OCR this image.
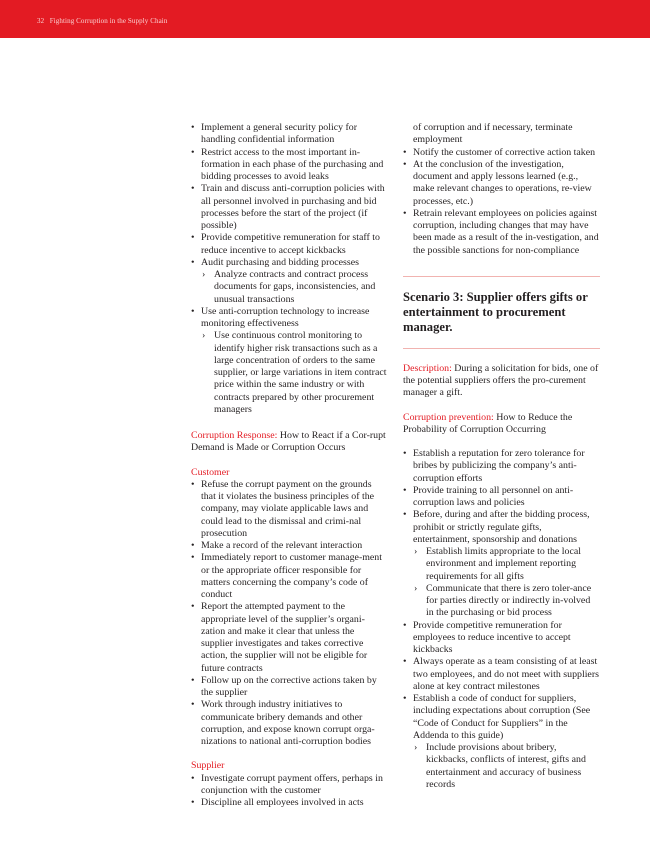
32 Fighting Corruption in the Supply Chain
• Implement a general security policy for handling confidential information
• Restrict access to the most important in-formation in each phase of the purchasing and bidding processes to avoid leaks
• Train and discuss anti-corruption policies with all personnel involved in purchasing and bid processes before the start of the project (if possible)
• Provide competitive remuneration for staff to reduce incentive to accept kickbacks
• Audit purchasing and bidding processes
› Analyze contracts and contract process documents for gaps, inconsistencies, and unusual transactions
• Use anti-corruption technology to increase monitoring effectiveness
› Use continuous control monitoring to identify higher risk transactions such as a large concentration of orders to the same supplier, or large variations in item contract price within the same industry or with contracts prepared by other procurement managers

Corruption Response: How to React if a Cor-rupt Demand is Made or Corruption Occurs

Customer

• Refuse the corrupt payment on the grounds that it violates the business principles of the company, may violate applicable laws and could lead to the dismissal and crimi-nal prosecution
• Make a record of the relevant interaction
• Immediately report to customer manage-ment or the appropriate officer responsible for matters concerning the company’s code of conduct
• Report the attempted payment to the appropriate level of the supplier’s organi-zation and make it clear that unless the supplier investigates and takes corrective action, the supplier will not be eligible for future contracts
• Follow up on the corrective actions taken by the supplier
• Work through industry initiatives to communicate bribery demands and other corruption, and expose known corrupt orga-nizations to national anti-corruption bodies

Supplier

• Investigate corrupt payment offers, perhaps in conjunction with the customer
• Discipline all employees involved in acts

of corruption and if necessary, terminate employment

• Notify the customer of corrective action taken
• At the conclusion of the investigation, document and apply lessons learned (e.g., make relevant changes to operations, re-view processes, etc.)
• Retrain relevant employees on policies against corruption, including changes that may have been made as a result of the in-vestigation, and the possible sanctions for non-compliance

Scenario 3: Supplier offers gifts or entertainment to procurement manager.

Description: During a solicitation for bids, one of the potential suppliers offers the pro-curement manager a gift.

Corruption prevention: How to Reduce the Probability of Corruption Occurring

• Establish a reputation for zero tolerance for bribes by publicizing the company’s anti-corruption efforts
• Provide training to all personnel on anti-corruption laws and policies
• Before, during and after the bidding process, prohibit or strictly regulate gifts, entertainment, sponsorship and donations
› Establish limits appropriate to the local environment and implement reporting requirements for all gifts
› Communicate that there is zero toler-ance for parties directly or indirectly in-volved in the purchasing or bid process
• Provide competitive remuneration for employees to reduce incentive to accept kickbacks
• Always operate as a team consisting of at least two employees, and do not meet with suppliers alone at key contract milestones
• Establish a code of conduct for suppliers, including expectations about corruption (See “Code of Conduct for Suppliers” in the Addenda to this guide)
› Include provisions about bribery, kickbacks, conflicts of interest, gifts and entertainment and accuracy of business records
